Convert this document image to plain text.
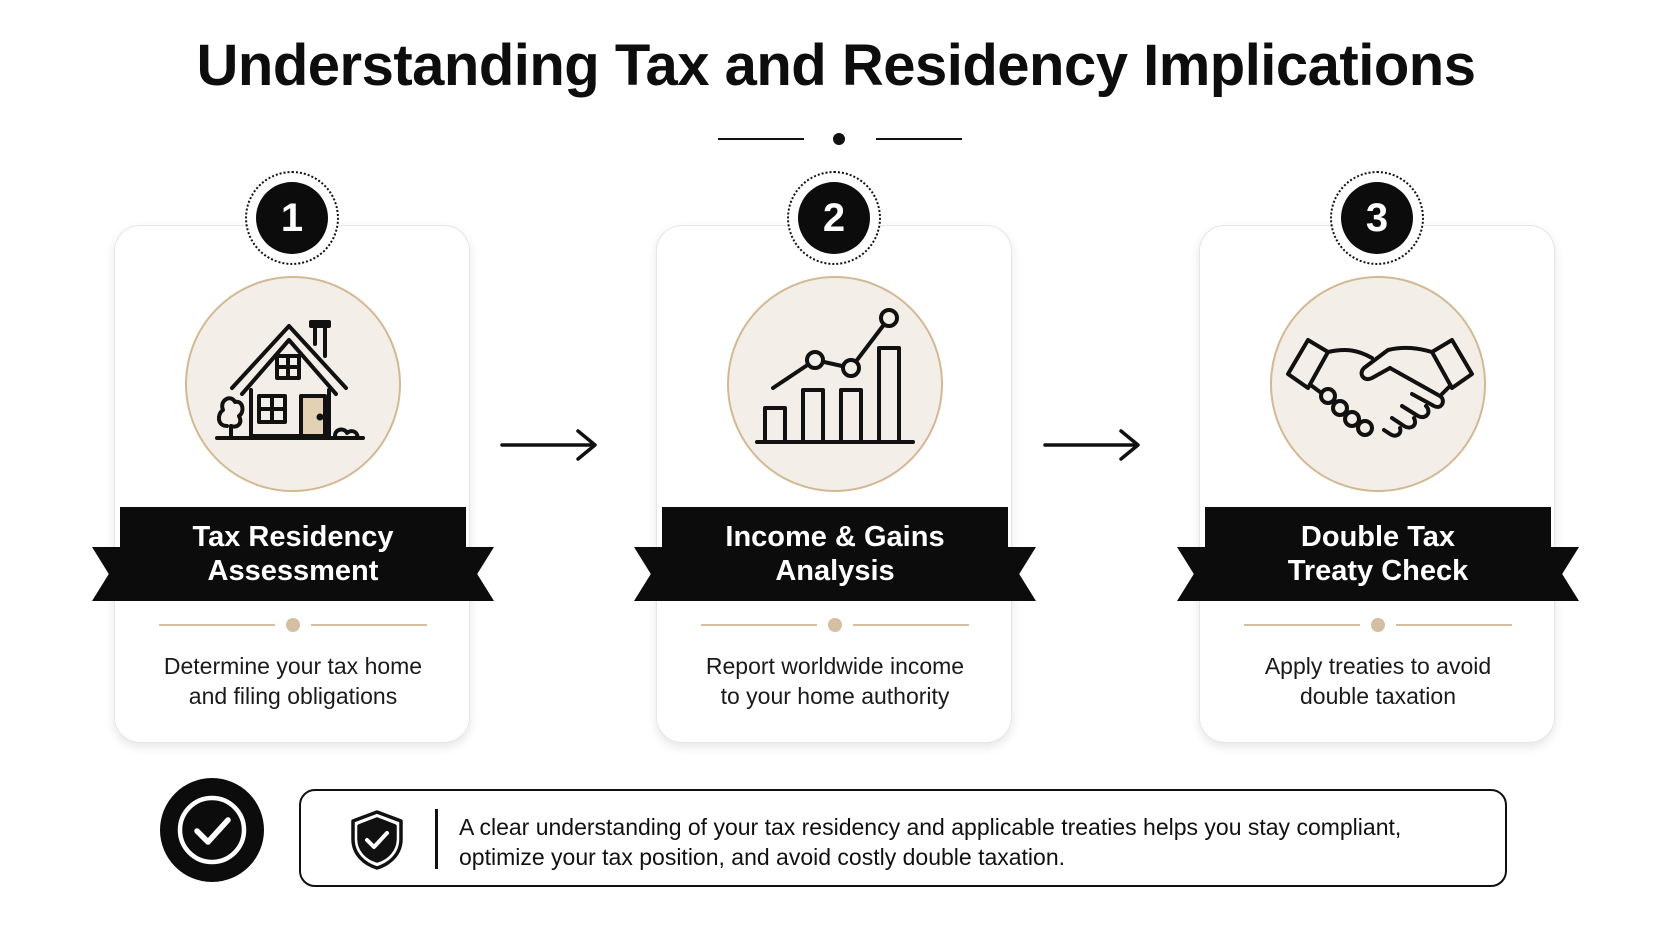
Understanding Tax and Residency Implications
1
Tax Residency
Assessment
Determine your tax home
and filing obligations
2
Income & Gains
Analysis
Report worldwide income
to your home authority
3
Double Tax
Treaty Check
Apply treaties to avoid
double taxation
A clear understanding of your tax residency and applicable treaties helps you stay compliant,
optimize your tax position, and avoid costly double taxation.
